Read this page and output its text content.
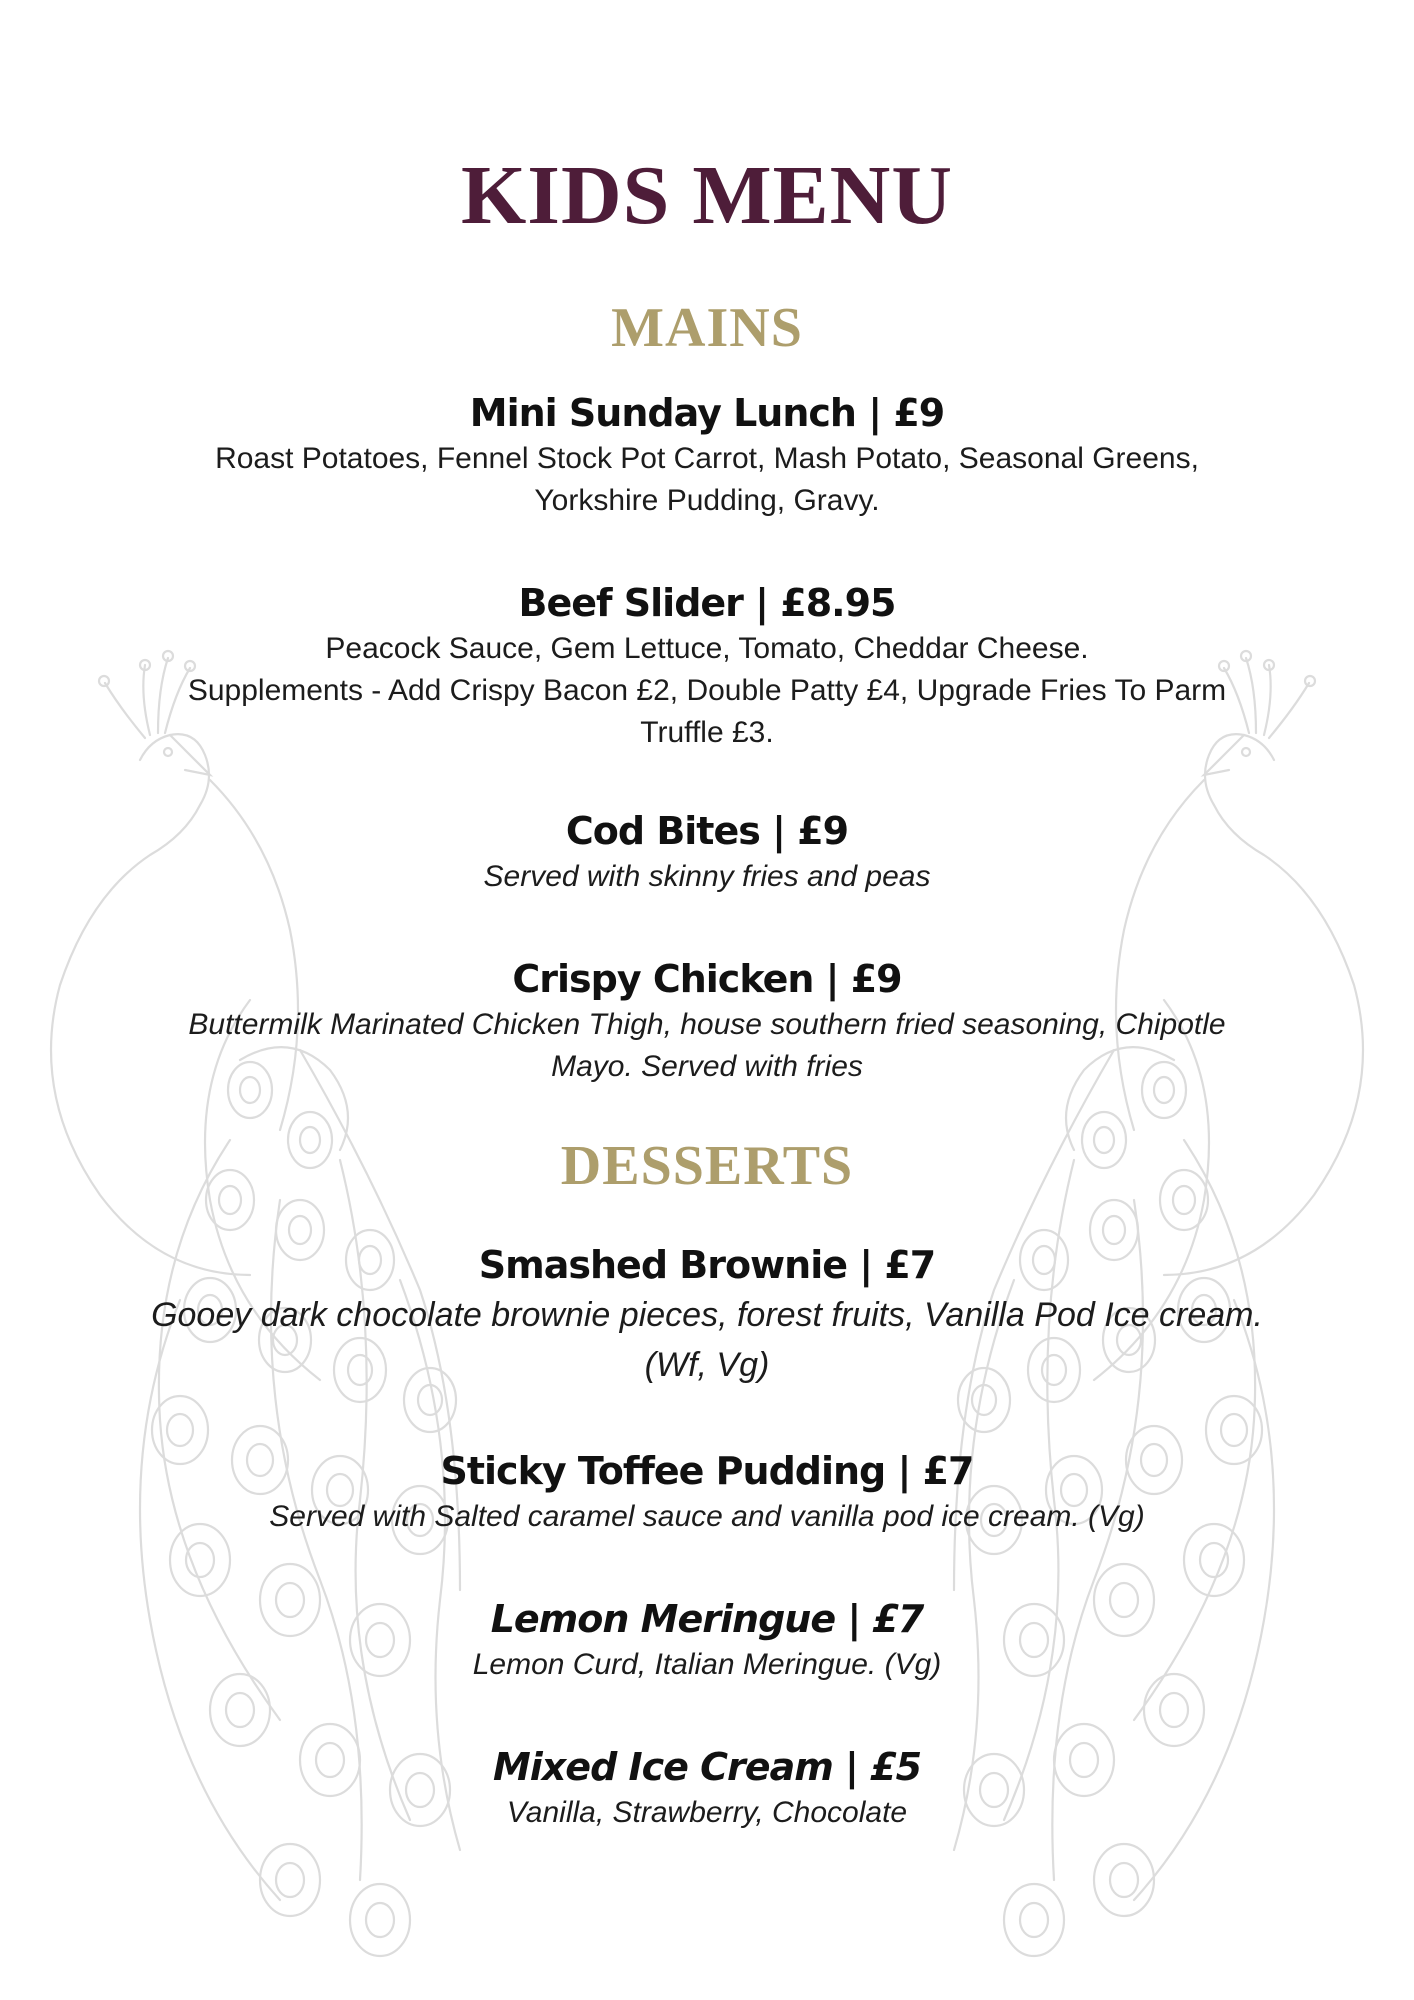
KIDS MENU
MAINS

Mini Sunday Lunch | £9

Roast Potatoes, Fennel Stock Pot Carrot, Mash Potato, Seasonal Greens, Yorkshire Pudding, Gravy.

Beef Slider | £8.95

Peacock Sauce, Gem Lettuce, Tomato, Cheddar Cheese.

Supplements - Add Crispy Bacon £2, Double Patty £4, Upgrade Fries To Parm Truffle £3.

Cod Bites | £9

Served with skinny fries and peas

Crispy Chicken | £9

Buttermilk Marinated Chicken Thigh, house southern fried seasoning, Chipotle Mayo. Served with fries

DESSERTS

Smashed Brownie | £7

Gooey dark chocolate brownie pieces, forest fruits, Vanilla Pod Ice cream. (Wf, Vg)

Sticky Toffee Pudding | £7

Served with Salted caramel sauce and vanilla pod ice cream. (Vg)

Lemon Meringue | £7

Lemon Curd, Italian Meringue. (Vg)

Mixed Ice Cream | £5

Vanilla, Strawberry, Chocolate
